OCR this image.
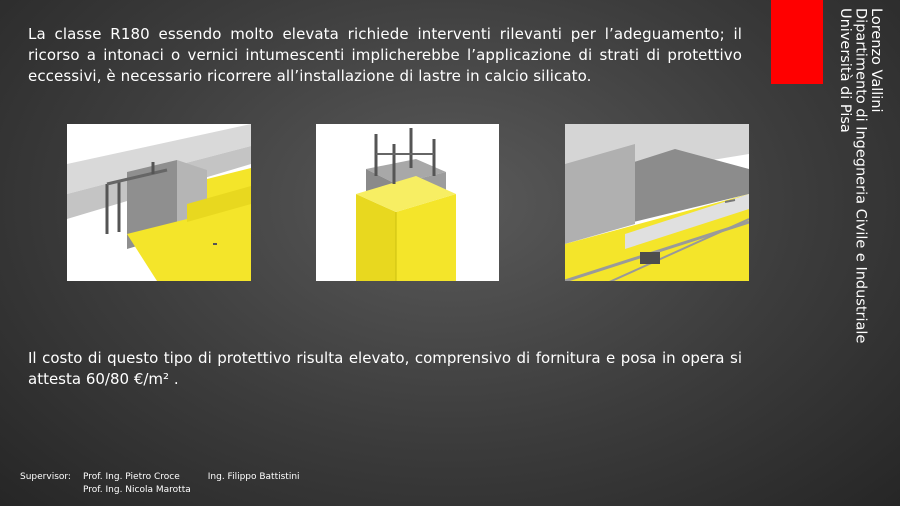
La classe R180 essendo molto elevata richiede interventi rilevanti per l’adeguamento; il ricorso a intonaci o vernici intumescenti implicherebbe l’applicazione di strati di protettivo eccessivi, è necessario ricorrere all’installazione di lastre in calcio silicato.	Lorenzo Vallini
Dipartimento di Ingegneria Civile e Industriale
Università di Pisa
Il costo di questo tipo di protettivo risulta elevato, comprensivo di fornitura e posa in opera si attesta 60/80 €/m² .
Supervisor: Prof. Ing. Pietro Croce	Ing. Filippo Battistini
Prof. Ing. Nicola Marotta
